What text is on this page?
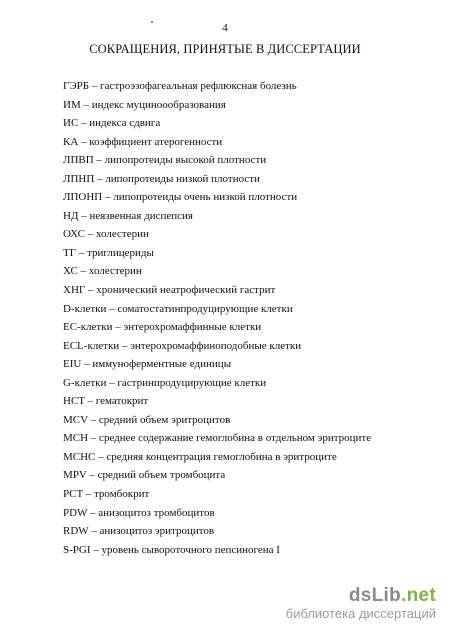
4
СОКРАЩЕНИЯ, ПРИНЯТЫЕ В ДИССЕРТАЦИИ
ГЭРБ – гастроэзофагеальная рефлюксная болезнь
ИМ – индекс муциноообразования
ИС – индекса сдвига
КА – коэффициент атерогенности
ЛПВП – липопротеиды высокой плотности
ЛПНП – липопротеиды низкой плотности
ЛПОНП – липопротеиды очень низкой плотности
НД – неязвенная диспепсия
ОХС – холестерин
ТГ – триглицериды
ХС – холестерин
ХНГ – хронический неатрофический гастрит
D-клетки – соматостатинпродуцирующие клетки
EC-клетки – энтерохромаффинные клетки
ECL-клетки – энтерохромаффиноподобные клетки
EIU – иммуноферментные единицы
G-клетки – гастринпродуцирующие клетки
HCT – гематокрит
MCV – средний объем эритроцитов
MCH – среднее содержание гемоглобина в отдельном эритроците
MCHC – средняя концентрация гемоглобина в эритроците
MPV – средний объем тромбоцита
PCT – тромбокрит
PDW – анизоцитоз тромбоцитов
RDW – анизоцитоз эритроцитов
S-PGI – уровень сывороточного пепсиногена I
dsLib.net
библиотека диссертаций
